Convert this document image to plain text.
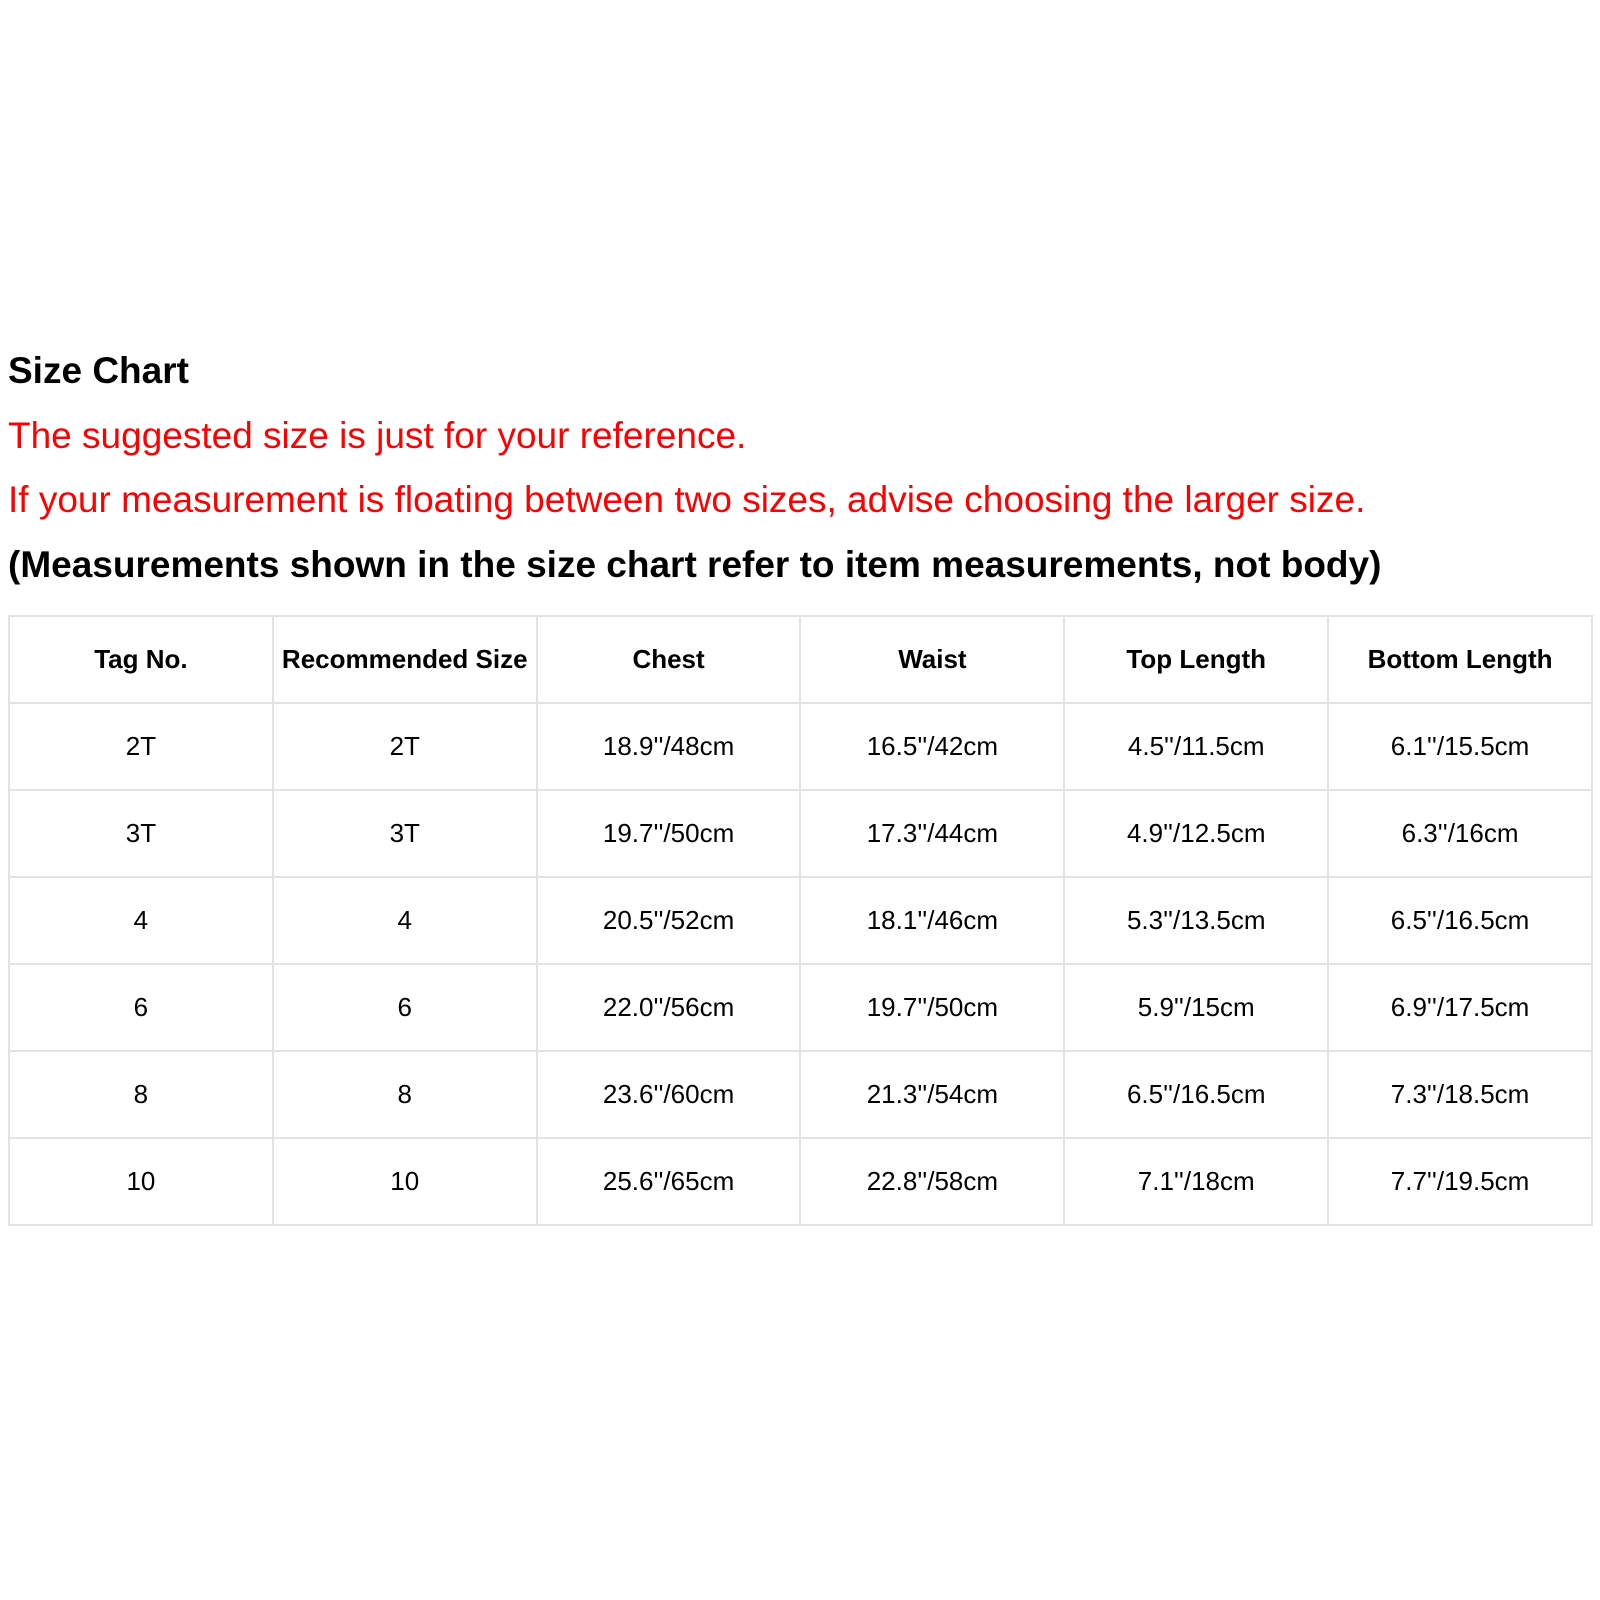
Size Chart
The suggested size is just for your reference.
If your measurement is floating between two sizes, advise choosing the larger size.
(Measurements shown in the size chart refer to item measurements, not body)
Tag No.	Recommended Size	Chest	Waist	Top Length	Bottom Length
2T	2T	18.9''/48cm	16.5''/42cm	4.5''/11.5cm	6.1''/15.5cm
3T	3T	19.7''/50cm	17.3''/44cm	4.9''/12.5cm	6.3''/16cm
4	4	20.5''/52cm	18.1''/46cm	5.3''/13.5cm	6.5''/16.5cm
6	6	22.0''/56cm	19.7''/50cm	5.9''/15cm	6.9''/17.5cm
8	8	23.6''/60cm	21.3''/54cm	6.5''/16.5cm	7.3''/18.5cm
10	10	25.6''/65cm	22.8''/58cm	7.1''/18cm	7.7''/19.5cm
